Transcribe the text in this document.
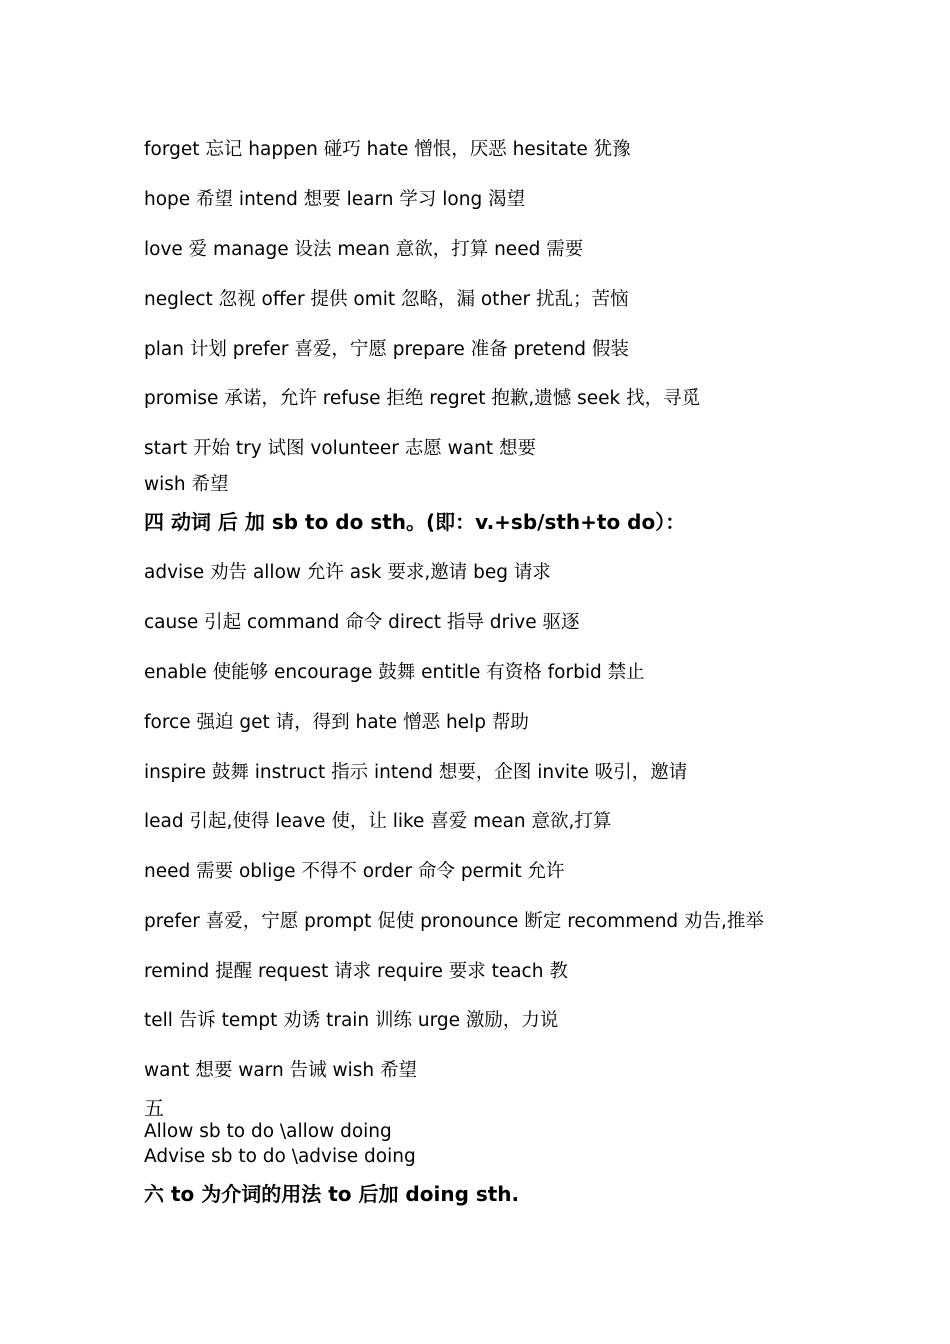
forget 忘记 happen 碰巧 hate 憎恨，厌恶 hesitate 犹豫
hope 希望 intend 想要 learn 学习 long 渴望
love 爱 manage 设法 mean 意欲，打算 need 需要
neglect 忽视 offer 提供 omit 忽略，漏 other 扰乱；苦恼
plan 计划 prefer 喜爱，宁愿 prepare 准备 pretend 假装
promise 承诺，允许 refuse 拒绝 regret 抱歉,遗憾 seek 找，寻觅
start 开始 try 试图 volunteer 志愿 want 想要
wish 希望
四 动词 后 加 sb to do sth。(即：v.+sb/sth+to do）：
advise 劝告 allow 允许 ask 要求,邀请 beg 请求
cause 引起 command 命令 direct 指导 drive 驱逐
enable 使能够 encourage 鼓舞 entitle 有资格 forbid 禁止
force 强迫 get 请，得到 hate 憎恶 help 帮助
inspire 鼓舞 instruct 指示 intend 想要，企图 invite 吸引，邀请
lead 引起,使得 leave 使，让 like 喜爱 mean 意欲,打算
need 需要 oblige 不得不 order 命令 permit 允许
prefer 喜爱，宁愿 prompt 促使 pronounce 断定 recommend 劝告,推举
remind 提醒 request 请求 require 要求 teach 教
tell 告诉 tempt 劝诱 train 训练 urge 激励，力说
want 想要 warn 告诫 wish 希望
五
Allow sb to do \allow doing
Advise sb to do \advise doing
六 to 为介词的用法 to 后加 doing sth.
